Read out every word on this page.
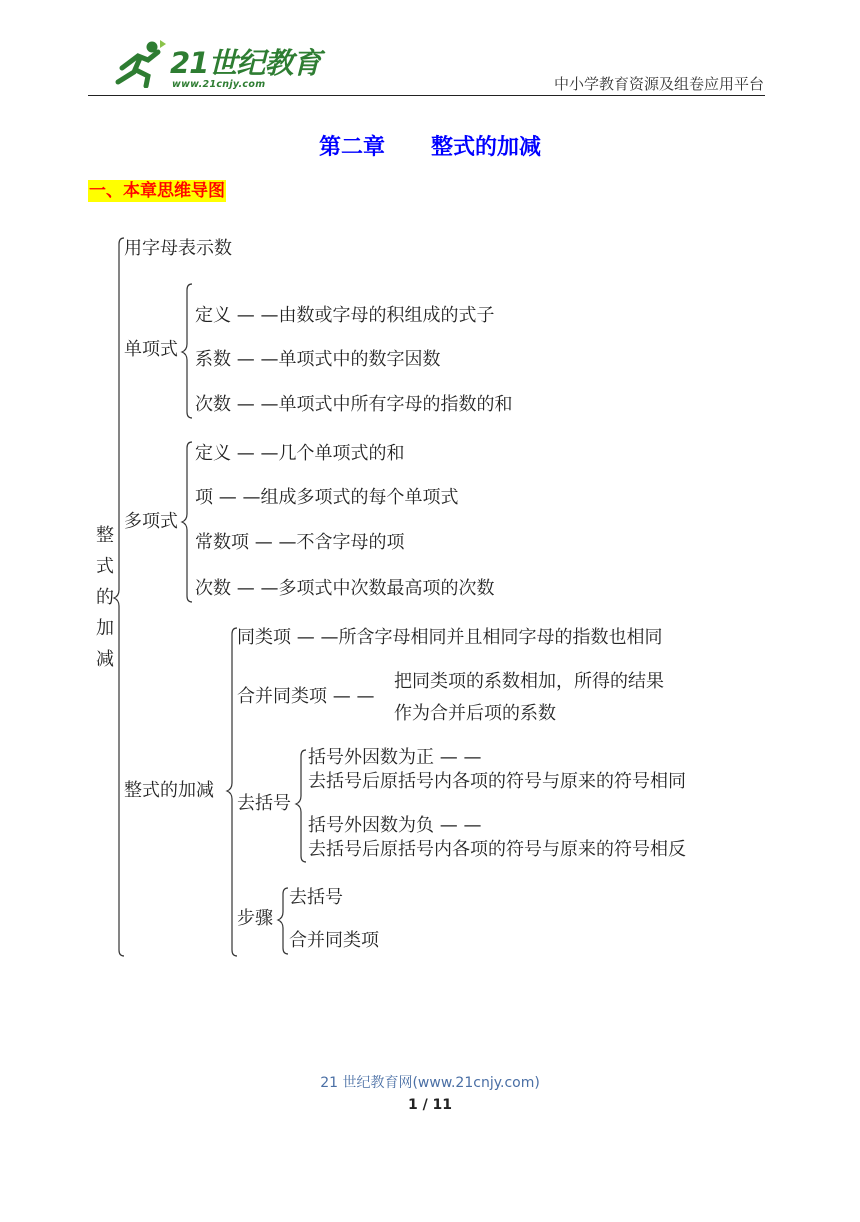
21世纪教育
www.21cnjy.com	中小学教育资源及组卷应用平台
第二章      整式的加减
一、本章思维导图
整式的加减
用字母表示数
单项式
定义 — —由数或字母的积组成的式子
系数 — —单项式中的数字因数
次数 — —单项式中所有字母的指数的和
多项式
定义 — —几个单项式的和
项 — —组成多项式的每个单项式
常数项 — —不含字母的项
次数 — —多项式中次数最高项的次数
整式的加减
同类项 — —所含字母相同并且相同字母的指数也相同
合并同类项 — —
把同类项的系数相加，所得的结果
作为合并后项的系数
去括号
括号外因数为正 — —
去括号后原括号内各项的符号与原来的符号相同
括号外因数为负 — —
去括号后原括号内各项的符号与原来的符号相反
步骤
去括号
合并同类项
21 世纪教育网(www.21cnjy.com)
1 / 11
